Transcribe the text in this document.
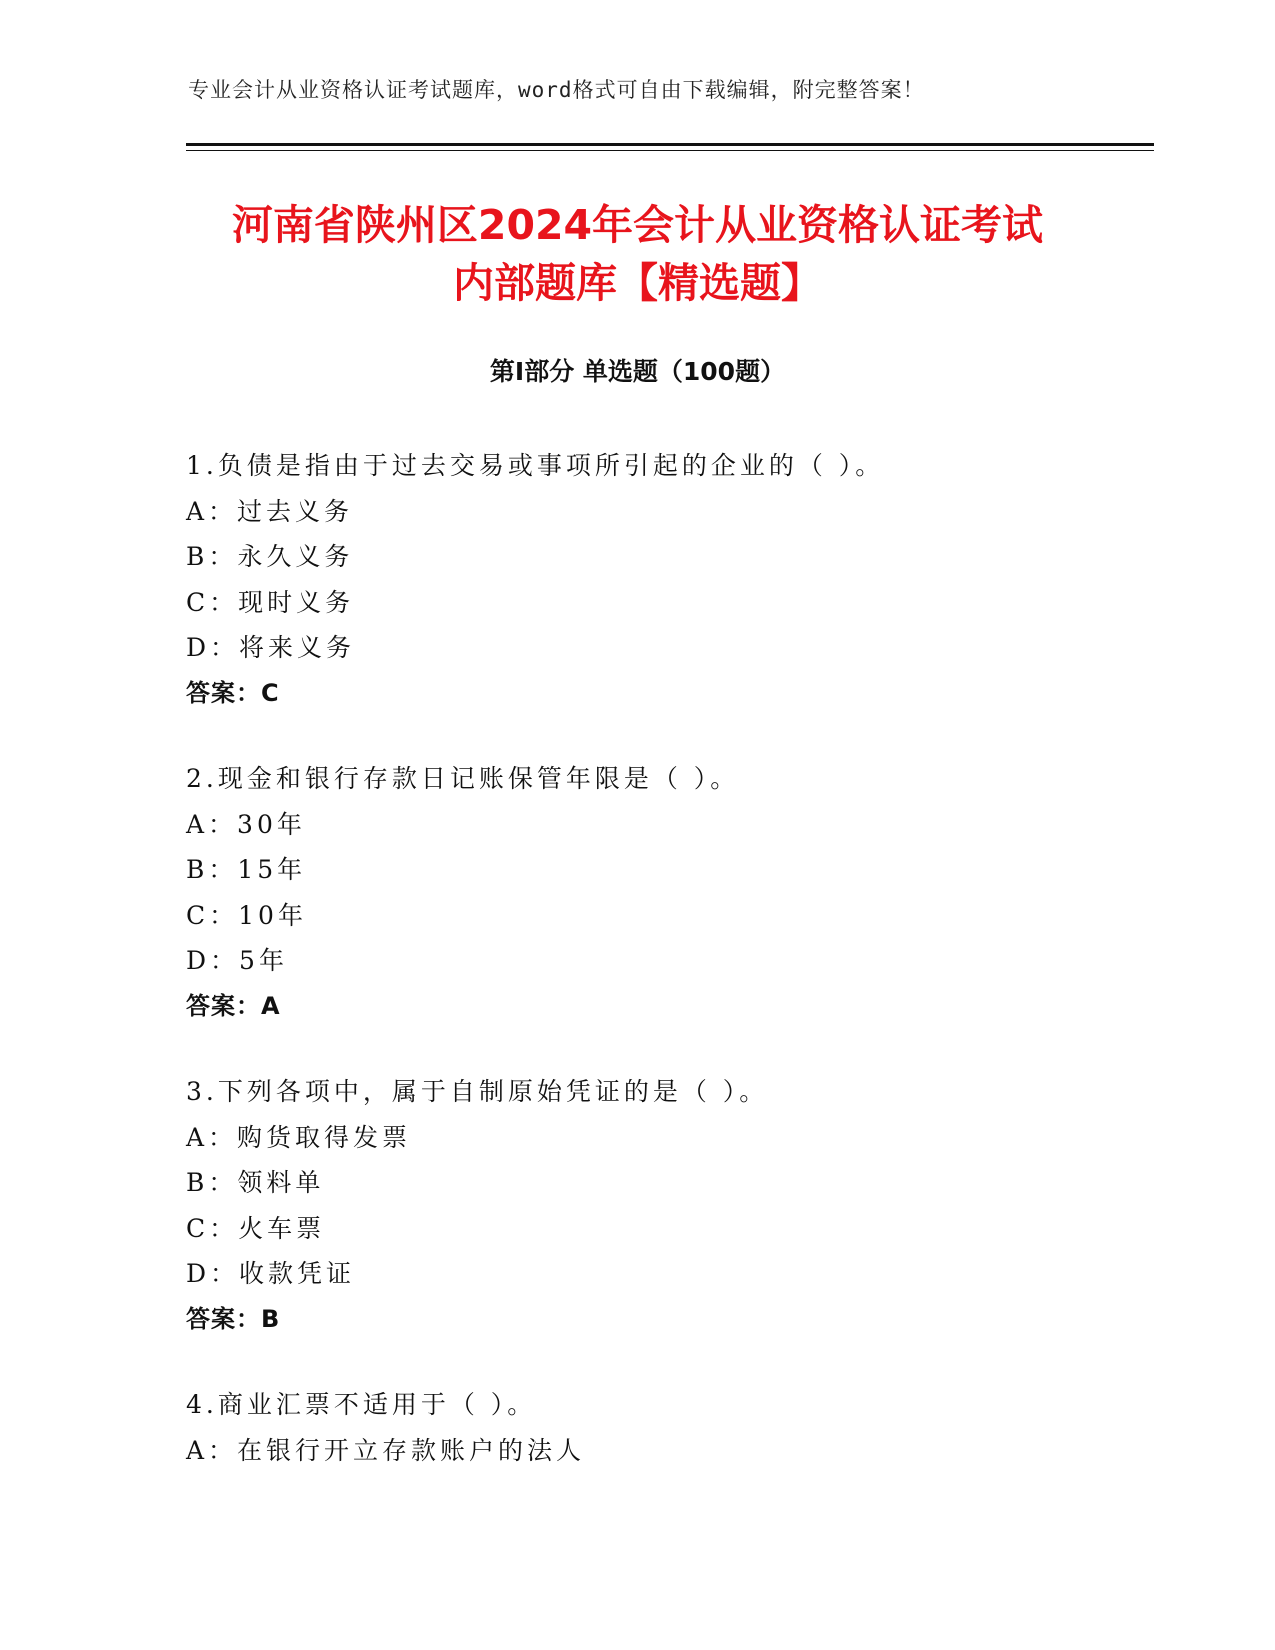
专业会计从业资格认证考试题库，word格式可自由下载编辑，附完整答案！
河南省陕州区2024年会计从业资格认证考试
内部题库【精选题】
第Ⅰ部分 单选题（100题）
1.负债是指由于过去交易或事项所引起的企业的（ ）。
A：过去义务
B：永久义务
C：现时义务
D：将来义务
答案：C
2.现金和银行存款日记账保管年限是（ ）。
A：30年
B：15年
C：10年
D：5年
答案：A
3.下列各项中，属于自制原始凭证的是（ ）。
A：购货取得发票
B：领料单
C：火车票
D：收款凭证
答案：B
4.商业汇票不适用于（ ）。
A：在银行开立存款账户的法人
